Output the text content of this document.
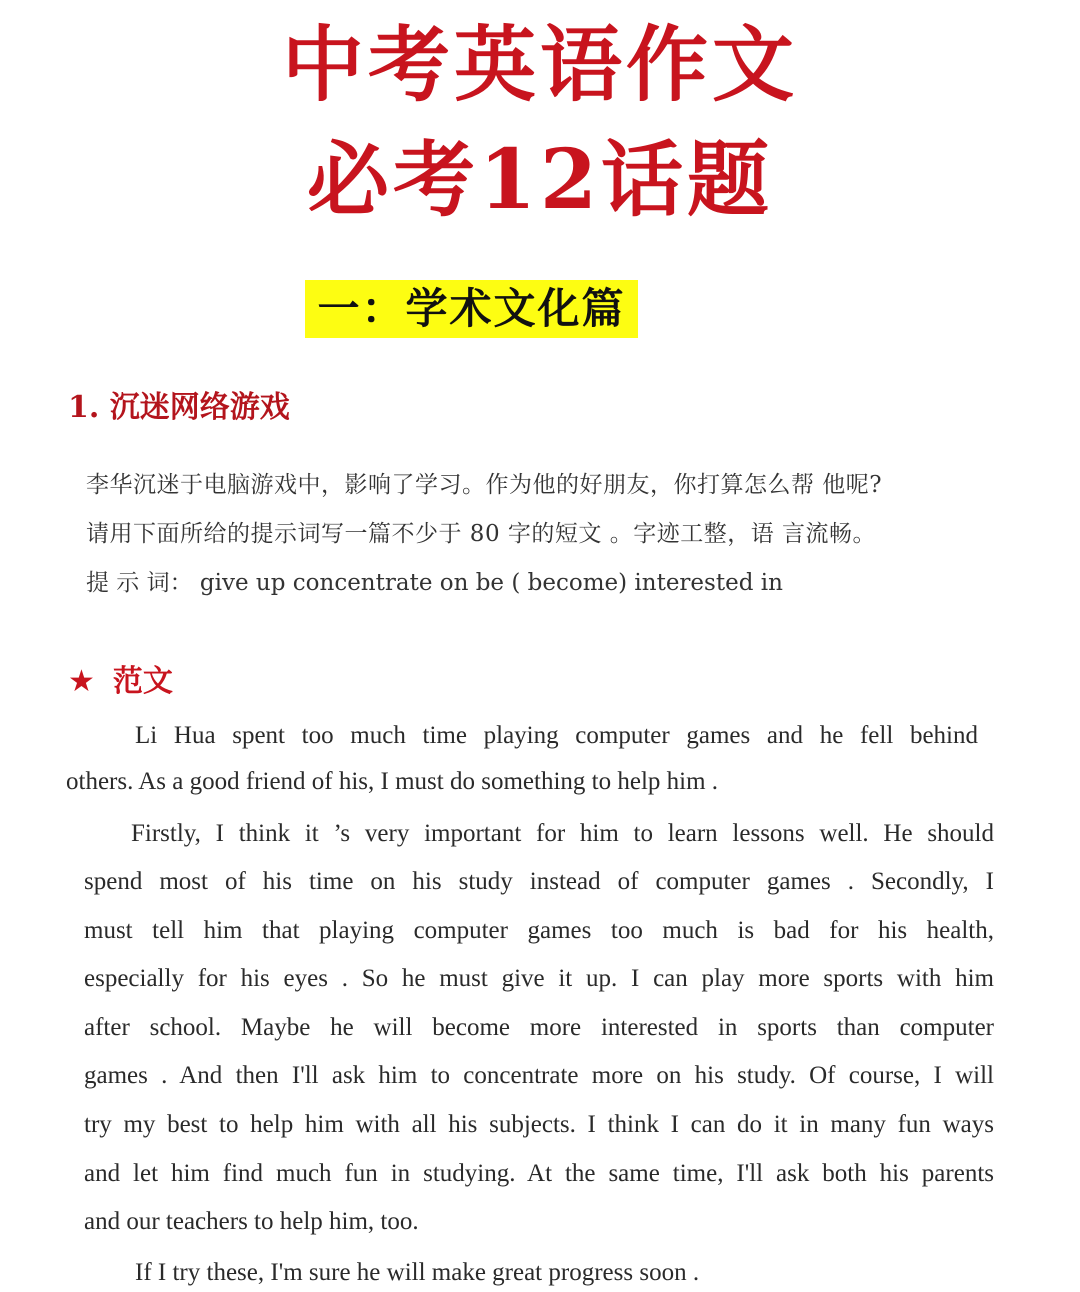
中考英语作文
必考12话题
一：学术文化篇
1. 沉迷网络游戏
李华沉迷于电脑游戏中，影响了学习。作为他的好朋友，你打算怎么帮 他呢?
请用下面所给的提示词写一篇不少于 80 字的短文 。字迹工整，语 言流畅。
提 示 词： give up concentrate on be ( become) interested in
★ 范文
Li Hua spent too much time playing computer games and he fell behind
others. As a good friend of his, I must do something to help him .
Firstly, I think it ’s very important for him to learn lessons well. He should
spend most of his time on his study instead of computer games . Secondly, I
must tell him that playing computer games too much is bad for his health,
especially for his eyes . So he must give it up. I can play more sports with him
after school. Maybe he will become more interested in sports than computer
games . And then I'll ask him to concentrate more on his study. Of course, I will
try my best to help him with all his subjects. I think I can do it in many fun ways
and let him find much fun in studying. At the same time, I'll ask both his parents
and our teachers to help him, too.
If I try these, I'm sure he will make great progress soon .
